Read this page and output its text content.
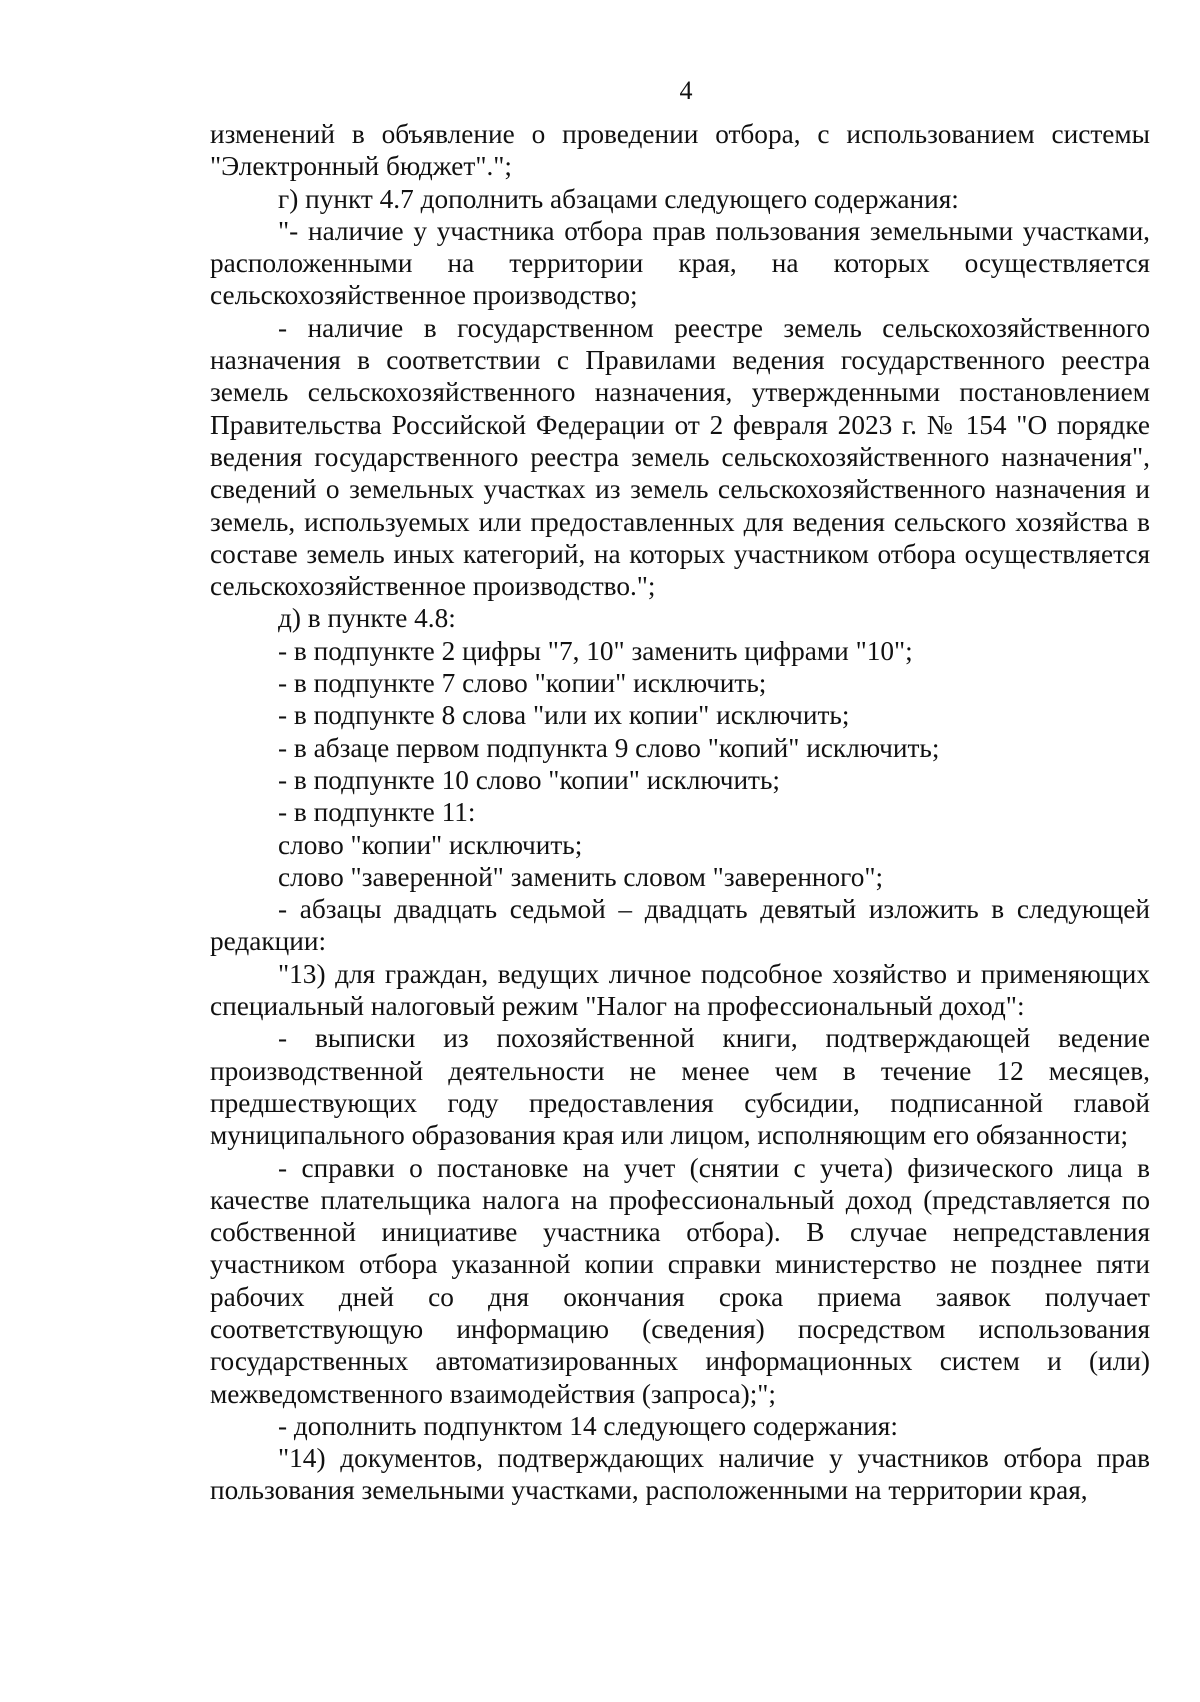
4

изменений в объявление о проведении отбора, с использованием системы "Электронный бюджет".";

г) пункт 4.7 дополнить абзацами следующего содержания:

"- наличие у участника отбора прав пользования земельными участками, расположенными на территории края, на которых осуществляется сельскохозяйственное производство;

- наличие в государственном реестре земель сельскохозяйственного назначения в соответствии с Правилами ведения государственного реестра земель сельскохозяйственного назначения, утвержденными постановлением Правительства Российской Федерации от 2 февраля 2023 г. № 154 "О порядке ведения государственного реестра земель сельскохозяйственного назначения", сведений о земельных участках из земель сельскохозяйственного назначения и земель, используемых или предоставленных для ведения сельского хозяйства в составе земель иных категорий, на которых участником отбора осуществляется сельскохозяйственное производство.";

д) в пункте 4.8:

- в подпункте 2 цифры "7, 10" заменить цифрами "10";

- в подпункте 7 слово "копии" исключить;

- в подпункте 8 слова "или их копии" исключить;

- в абзаце первом подпункта 9 слово "копий" исключить;

- в подпункте 10 слово "копии" исключить;

- в подпункте 11:

слово "копии" исключить;

слово "заверенной" заменить словом "заверенного";

- абзацы двадцать седьмой – двадцать девятый изложить в следующей редакции:

"13) для граждан, ведущих личное подсобное хозяйство и применяющих специальный налоговый режим "Налог на профессиональный доход":

- выписки из похозяйственной книги, подтверждающей ведение производственной деятельности не менее чем в течение 12 месяцев, предшествующих году предоставления субсидии, подписанной главой муниципального образования края или лицом, исполняющим его обязанности;

- справки о постановке на учет (снятии с учета) физического лица в качестве плательщика налога на профессиональный доход (представляется по собственной инициативе участника отбора). В случае непредставления участником отбора указанной копии справки министерство не позднее пяти рабочих дней со дня окончания срока приема заявок получает соответствующую информацию (сведения) посредством использования государственных автоматизированных информационных систем и (или) межведомственного взаимодействия (запроса);";

- дополнить подпунктом 14 следующего содержания:

"14) документов, подтверждающих наличие у участников отбора прав пользования земельными участками, расположенными на территории края,
